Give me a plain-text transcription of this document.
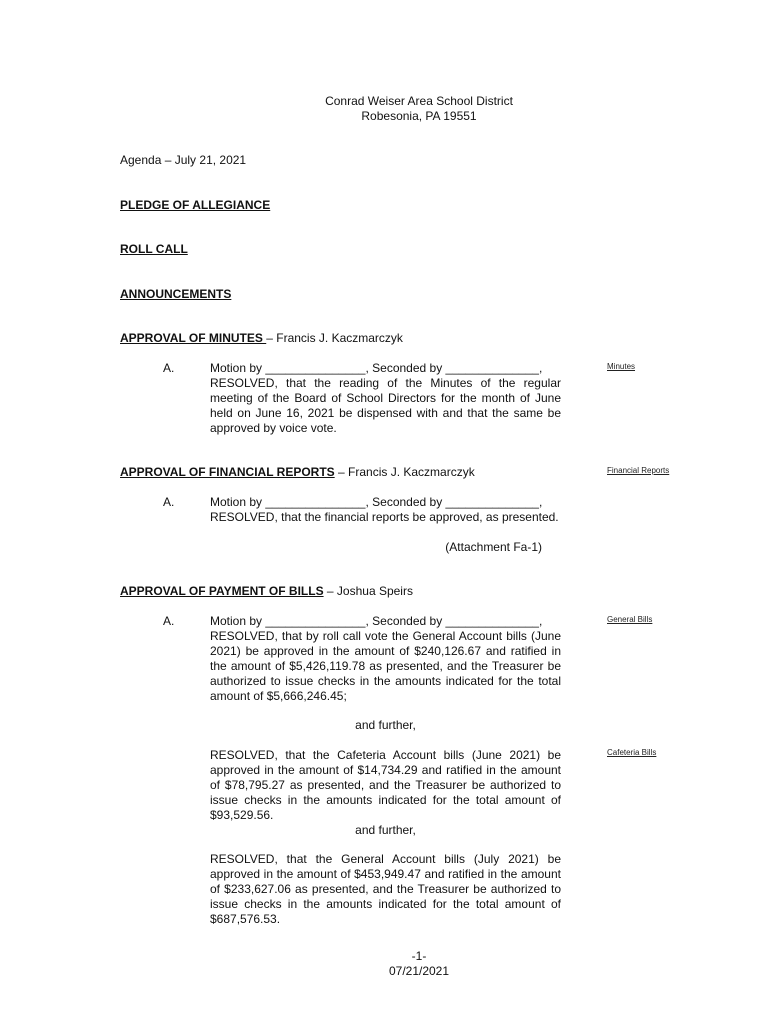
Conrad Weiser Area School District
Robesonia, PA 19551
Agenda – July 21, 2021
PLEDGE OF ALLEGIANCE
ROLL CALL
ANNOUNCEMENTS
APPROVAL OF MINUTES – Francis J. Kaczmarczyk
A.	Motion by _______________, Seconded by ______________,
RESOLVED, that the reading of the Minutes of the regular meeting of the Board of School Directors for the month of June held on June 16, 2021 be dispensed with and that the same be approved by voice vote.
Minutes
APPROVAL OF FINANCIAL REPORTS – Francis J. Kaczmarczyk	Financial Reports
A.	Motion by _______________, Seconded by ______________,
RESOLVED, that the financial reports be approved, as presented.
(Attachment Fa-1)
APPROVAL OF PAYMENT OF BILLS – Joshua Speirs
A.	Motion by _______________, Seconded by ______________,
RESOLVED, that by roll call vote the General Account bills (June 2021) be approved in the amount of $240,126.67 and ratified in the amount of $5,426,119.78 as presented, and the Treasurer be authorized to issue checks in the amounts indicated for the total amount of $5,666,246.45;
General Bills
and further,
RESOLVED, that the Cafeteria Account bills (June 2021) be approved in the amount of $14,734.29 and ratified in the amount of $78,795.27 as presented, and the Treasurer be authorized to issue checks in the amounts indicated for the total amount of $93,529.56.
Cafeteria Bills
and further,
RESOLVED, that the General Account bills (July 2021) be approved in the amount of $453,949.47 and ratified in the amount of $233,627.06 as presented, and the Treasurer be authorized to issue checks in the amounts indicated for the total amount of $687,576.53.
-1-
07/21/2021
